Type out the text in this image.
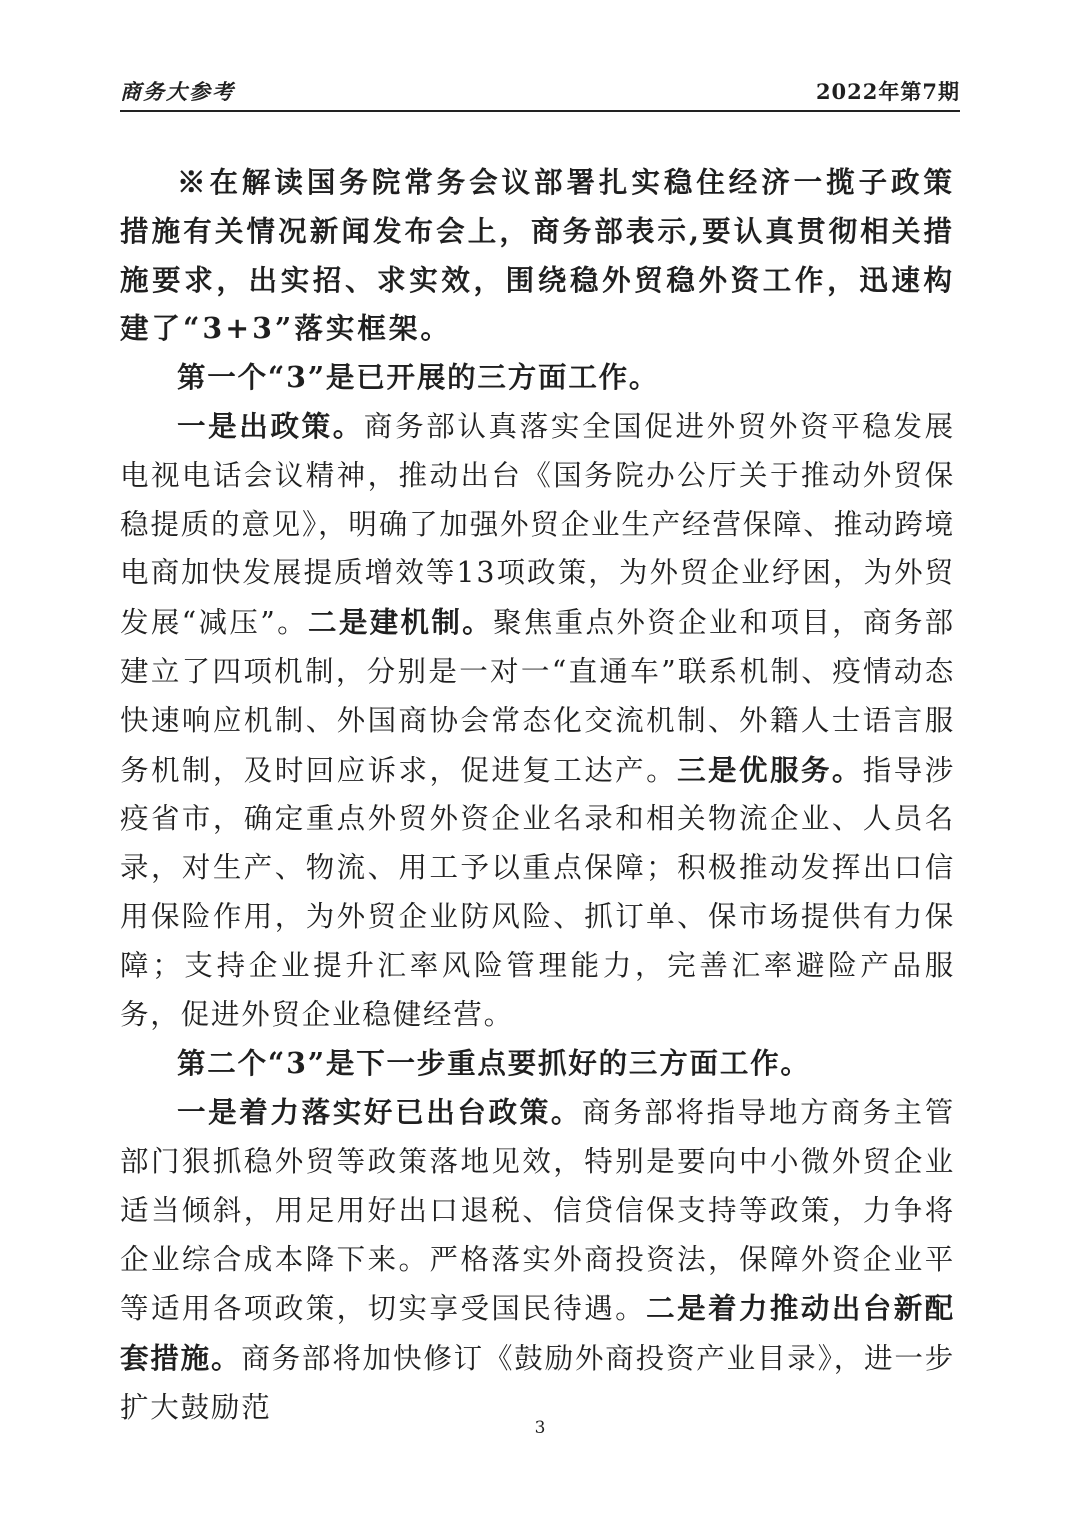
商务大参考	2022年第7期

※在解读国务院常务会议部署扎实稳住经济一揽子政策措施有关情况新闻发布会上，商务部表示,要认真贯彻相关措施要求，出实招、求实效，围绕稳外贸稳外资工作，迅速构建了“3+3”落实框架。

第一个“3”是已开展的三方面工作。

一是出政策。商务部认真落实全国促进外贸外资平稳发展电视电话会议精神，推动出台《国务院办公厅关于推动外贸保稳提质的意见》，明确了加强外贸企业生产经营保障、推动跨境电商加快发展提质增效等13项政策，为外贸企业纾困，为外贸发展“减压”。二是建机制。聚焦重点外资企业和项目，商务部建立了四项机制，分别是一对一“直通车”联系机制、疫情动态快速响应机制、外国商协会常态化交流机制、外籍人士语言服务机制，及时回应诉求，促进复工达产。三是优服务。指导涉疫省市，确定重点外贸外资企业名录和相关物流企业、人员名录，对生产、物流、用工予以重点保障；积极推动发挥出口信用保险作用，为外贸企业防风险、抓订单、保市场提供有力保障；支持企业提升汇率风险管理能力，完善汇率避险产品服务，促进外贸企业稳健经营。

第二个“3”是下一步重点要抓好的三方面工作。

一是着力落实好已出台政策。商务部将指导地方商务主管部门狠抓稳外贸等政策落地见效，特别是要向中小微外贸企业适当倾斜，用足用好出口退税、信贷信保支持等政策，力争将企业综合成本降下来。严格落实外商投资法，保障外资企业平等适用各项政策，切实享受国民待遇。二是着力推动出台新配套措施。商务部将加快修订《鼓励外商投资产业目录》，进一步扩大鼓励范

3
